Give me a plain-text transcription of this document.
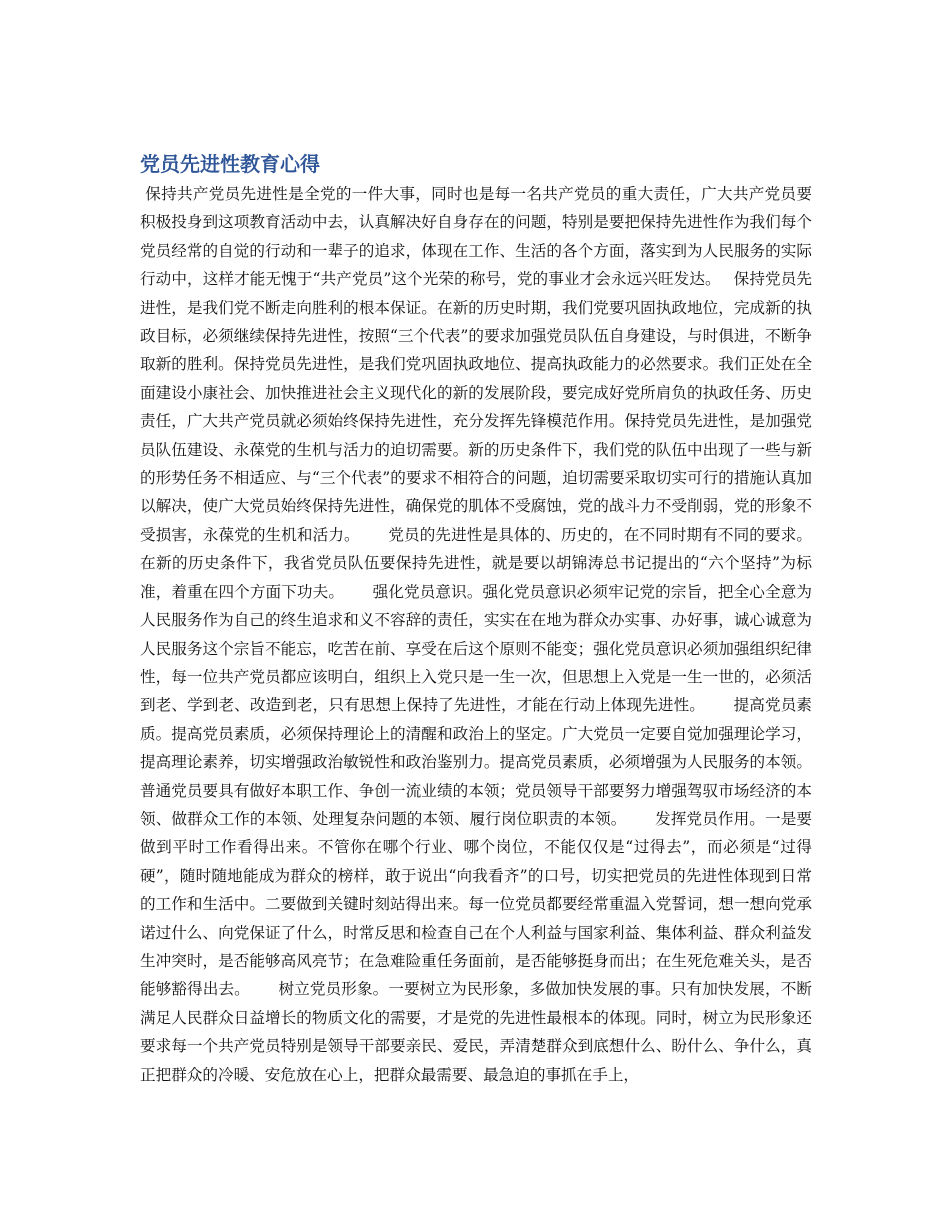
党员先进性教育心得

保持共产党员先进性是全党的一件大事，同时也是每一名共产党员的重大责任，广大共产党员要积极投身到这项教育活动中去，认真解决好自身存在的问题，特别是要把保持先进性作为我们每个党员经常的自觉的行动和一辈子的追求，体现在工作、生活的各个方面，落实到为人民服务的实际行动中，这样才能无愧于“共产党员”这个光荣的称号，党的事业才会永远兴旺发达。　 保持党员先进性，是我们党不断走向胜利的根本保证。在新的历史时期，我们党要巩固执政地位，完成新的执政目标，必须继续保持先进性，按照“三个代表”的要求加强党员队伍自身建设，与时俱进，不断争取新的胜利。保持党员先进性，是我们党巩固执政地位、提高执政能力的必然要求。我们正处在全面建设小康社会、加快推进社会主义现代化的新的发展阶段，要完成好党所肩负的执政任务、历史责任，广大共产党员就必须始终保持先进性，充分发挥先锋模范作用。保持党员先进性，是加强党员队伍建设、永葆党的生机与活力的迫切需要。新的历史条件下，我们党的队伍中出现了一些与新的形势任务不相适应、与“三个代表”的要求不相符合的问题，迫切需要采取切实可行的措施认真加以解决，使广大党员始终保持先进性，确保党的肌体不受腐蚀，党的战斗力不受削弱，党的形象不受损害，永葆党的生机和活力。　　 党员的先进性是具体的、历史的，在不同时期有不同的要求。在新的历史条件下，我省党员队伍要保持先进性，就是要以胡锦涛总书记提出的“六个坚持”为标准，着重在四个方面下功夫。　　 强化党员意识。强化党员意识必须牢记党的宗旨，把全心全意为人民服务作为自己的终生追求和义不容辞的责任，实实在在地为群众办实事、办好事，诚心诚意为人民服务这个宗旨不能忘，吃苦在前、享受在后这个原则不能变；强化党员意识必须加强组织纪律性，每一位共产党员都应该明白，组织上入党只是一生一次，但思想上入党是一生一世的，必须活到老、学到老、改造到老，只有思想上保持了先进性，才能在行动上体现先进性。　　 提高党员素质。提高党员素质，必须保持理论上的清醒和政治上的坚定。广大党员一定要自觉加强理论学习，提高理论素养，切实增强政治敏锐性和政治鉴别力。提高党员素质，必须增强为人民服务的本领。普通党员要具有做好本职工作、争创一流业绩的本领；党员领导干部要努力增强驾驭市场经济的本领、做群众工作的本领、处理复杂问题的本领、履行岗位职责的本领。　　 发挥党员作用。一是要做到平时工作看得出来。不管你在哪个行业、哪个岗位，不能仅仅是“过得去”，而必须是“过得硬”，随时随地能成为群众的榜样，敢于说出“向我看齐”的口号，切实把党员的先进性体现到日常的工作和生活中。二要做到关键时刻站得出来。每一位党员都要经常重温入党誓词，想一想向党承诺过什么、向党保证了什么，时常反思和检查自己在个人利益与国家利益、集体利益、群众利益发生冲突时，是否能够高风亮节；在急难险重任务面前，是否能够挺身而出；在生死危难关头，是否能够豁得出去。　　 树立党员形象。一要树立为民形象，多做加快发展的事。只有加快发展，不断满足人民群众日益增长的物质文化的需要，才是党的先进性最根本的体现。同时，树立为民形象还要求每一个共产党员特别是领导干部要亲民、爱民，弄清楚群众到底想什么、盼什么、争什么，真正把群众的冷暖、安危放在心上，把群众最需要、最急迫的事抓在手上，
